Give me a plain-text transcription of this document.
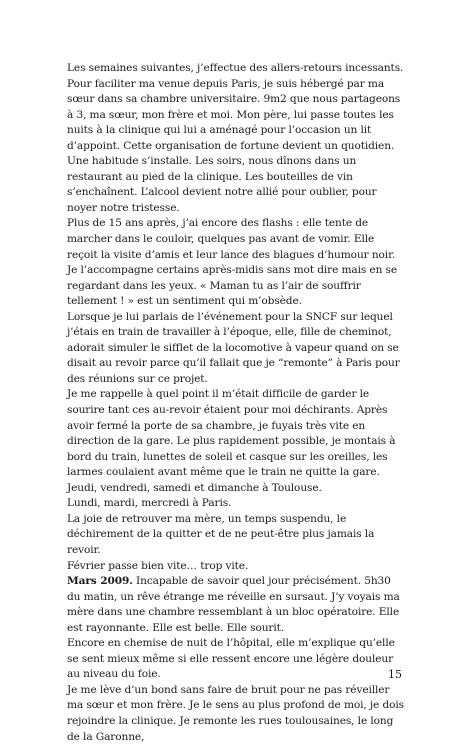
Les semaines suivantes, j’effectue des allers-retours incessants. Pour faciliter ma venue depuis Paris, je suis hébergé par ma sœur dans sa chambre universitaire. 9m2 que nous partageons à 3, ma sœur, mon frère et moi. Mon père, lui passe toutes les nuits à la clinique qui lui a aménagé pour l’occasion un lit d’appoint. Cette organisation de fortune devient un quotidien. Une habitude s’installe. Les soirs, nous dînons dans un restaurant au pied de la clinique. Les bouteilles de vin s’enchaînent. L’alcool devient notre allié pour oublier, pour noyer notre tristesse.

Plus de 15 ans après, j’ai encore des flashs : elle tente de marcher dans le couloir, quelques pas avant de vomir. Elle reçoit la visite d’amis et leur lance des blagues d’humour noir. Je l’accompagne certains après-midis sans mot dire mais en se regardant dans les yeux. « Maman tu as l’air de souffrir tellement ! » est un sentiment qui m’obsède.

Lorsque je lui parlais de l’événement pour la SNCF sur lequel j’étais en train de travailler à l’époque, elle, fille de cheminot, adorait simuler le sifflet de la locomotive à vapeur quand on se disait au revoir parce qu’il fallait que je “remonte” à Paris pour des réunions sur ce projet.

Je me rappelle à quel point il m’était difficile de garder le sourire tant ces au-revoir étaient pour moi déchirants. Après avoir fermé la porte de sa chambre, je fuyais très vite en direction de la gare. Le plus rapidement possible, je montais à bord du train, lunettes de soleil et casque sur les oreilles, les larmes coulaient avant même que le train ne quitte la gare.

Jeudi, vendredi, samedi et dimanche à Toulouse.

Lundi, mardi, mercredi à Paris.

La joie de retrouver ma mère, un temps suspendu, le déchirement de la quitter et de ne peut-être plus jamais la revoir.

Février passe bien vite… trop vite.

Mars 2009. Incapable de savoir quel jour précisément. 5h30 du matin, un rêve étrange me réveille en sursaut. J’y voyais ma mère dans une chambre ressemblant à un bloc opératoire. Elle est rayonnante. Elle est belle. Elle sourit.

Encore en chemise de nuit de l’hôpital, elle m’explique qu’elle se sent mieux même si elle ressent encore une légère douleur au niveau du foie.

Je me lève d’un bond sans faire de bruit pour ne pas réveiller ma sœur et mon frère. Je le sens au plus profond de moi, je dois rejoindre la clinique. Je remonte les rues toulousaines, le long de la Garonne,

15
